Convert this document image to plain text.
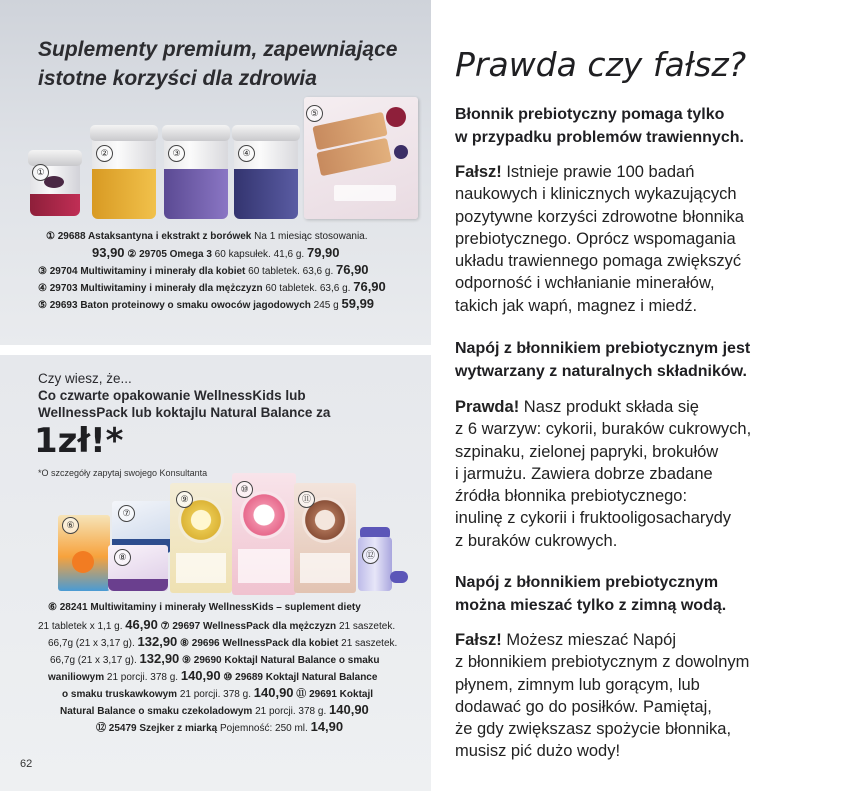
Suplementy premium, zapewniające
istotne korzyści dla zdrowia
①
②	③	④
⑤
① 29688 Astaksantyna i ekstrakt z borówek Na 1 miesiąc stosowania.
93,90 ② 29705 Omega 3 60 kapsułek. 41,6 g. 79,90
③ 29704 Multiwitaminy i minerały dla kobiet 60 tabletek. 63,6 g. 76,90
④ 29703 Multiwitaminy i minerały dla mężczyzn 60 tabletek. 63,6 g. 76,90
⑤ 29693 Baton proteinowy o smaku owoców jagodowych 245 g 59,99
Czy wiesz, że...
Co czwarte opakowanie WellnessKids lub
WellnessPack lub koktajlu Natural Balance za
1zł!*
*O szczegóły zapytaj swojego Konsultanta
⑥
⑦
⑧
⑨
⑩
⑪
⑫
⑥ 28241 Multiwitaminy i minerały WellnessKids – suplement diety
21 tabletek x 1,1 g. 46,90 ⑦ 29697 WellnessPack dla mężczyzn 21 saszetek.
66,7g (21 x 3,17 g). 132,90 ⑧ 29696 WellnessPack dla kobiet 21 saszetek.
66,7g (21 x 3,17 g). 132,90 ⑨ 29690 Koktajl Natural Balance o smaku
waniliowym 21 porcji. 378 g. 140,90 ⑩ 29689 Koktajl Natural Balance
o smaku truskawkowym 21 porcji. 378 g. 140,90 ⑪ 29691 Koktajl
Natural Balance o smaku czekoladowym 21 porcji. 378 g. 140,90
⑫ 25479 Szejker z miarką Pojemność: 250 ml. 14,90
62
Prawda czy fałsz?
Błonnik prebiotyczny pomaga tylko
w przypadku problemów trawiennych.
Fałsz! Istnieje prawie 100 badań
naukowych i klinicznych wykazujących
pozytywne korzyści zdrowotne błonnika
prebiotycznego. Oprócz wspomagania
układu trawiennego pomaga zwiększyć
odporność i wchłanianie minerałów,
takich jak wapń, magnez i miedź.
Napój z błonnikiem prebiotycznym jest
wytwarzany z naturalnych składników.
Prawda! Nasz produkt składa się
z 6 warzyw: cykorii, buraków cukrowych,
szpinaku, zielonej papryki, brokułów
i jarmużu. Zawiera dobrze zbadane
źródła błonnika prebiotycznego:
inulinę z cykorii i fruktooligosacharydy
z buraków cukrowych.
Napój z błonnikiem prebiotycznym
można mieszać tylko z zimną wodą.
Fałsz! Możesz mieszać Napój
z błonnikiem prebiotycznym z dowolnym
płynem, zimnym lub gorącym, lub
dodawać go do posiłków. Pamiętaj,
że gdy zwiększasz spożycie błonnika,
musisz pić dużo wody!
